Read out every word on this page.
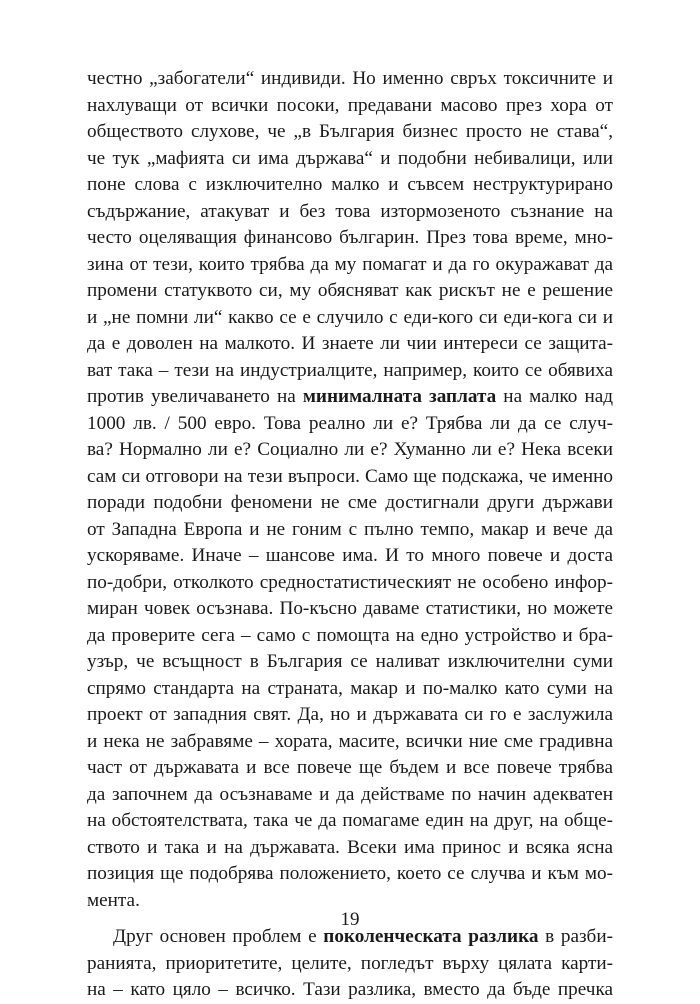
честно „забогатели“ индивиди. Но именно свръх токсичните и
нахлуващи от всички посоки, предавани масово през хора от
обществото слухове, че „в България бизнес просто не става“,
че тук „мафията си има държава“ и подобни небивалици, или
поне слова с изключително малко и съвсем неструктурирано
съдържание, атакуват и без това изтормозеното съзнание на
често оцеляващия финансово българин. През това време, мно-
зина от тези, които трябва да му помагат и да го окуражават да
промени статуквото си, му обясняват как рискът не е решение
и „не помни ли“ какво се е случило с еди-кого си еди-кога си и
да е доволен на малкото. И знаете ли чии интереси се защита-
ват така – тези на индустриалците, например, които се обявиха
против увеличаването на минималната заплата на малко над
1000 лв. / 500 евро. Това реално ли е? Трябва ли да се случ-
ва? Нормално ли е? Социално ли е? Хуманно ли е? Нека всеки
сам си отговори на тези въпроси. Само ще подскажа, че именно
поради подобни феномени не сме достигнали други държави
от Западна Европа и не гоним с пълно темпо, макар и вече да
ускоряваме. Иначе – шансове има. И то много повече и доста
по-добри, отколкото средностатистическият не особено инфор-
миран човек осъзнава. По-късно даваме статистики, но можете
да проверите сега – само с помощта на едно устройство и бра-
узър, че всъщност в България се наливат изключителни суми
спрямо стандарта на страната, макар и по-малко като суми на
проект от западния свят. Да, но и държавата си го е заслужила
и нека не забравяме – хората, масите, всички ние сме градивна
част от държавата и все повече ще бъдем и все повече трябва
да започнем да осъзнаваме и да действаме по начин адекватен
на обстоятелствата, така че да помагаме един на друг, на обще-
ството и така и на държавата. Всеки има принос и всяка ясна
позиция ще подобрява положението, което се случва и към мо-
мента.
Друг основен проблем е поколенческата разлика в разби-
ранията, приоритетите, целите, погледът върху цялата карти-
на – като цяло – всичко. Тази разлика, вместо да бъде пречка
19
